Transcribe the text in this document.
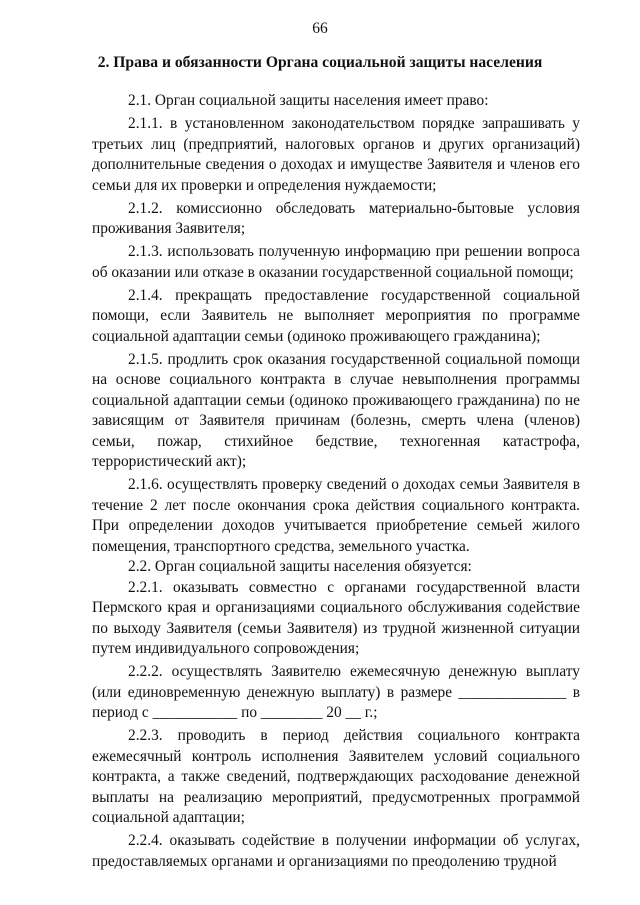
66
2. Права и обязанности Органа социальной защиты населения

2.1. Орган социальной защиты населения имеет право:

2.1.1. в установленном законодательством порядке запрашивать у третьих лиц (предприятий, налоговых органов и других организаций) дополнительные сведения о доходах и имуществе Заявителя и членов его семьи для их проверки и определения нуждаемости;

2.1.2. комиссионно обследовать материально-бытовые условия проживания Заявителя;

2.1.3. использовать полученную информацию при решении вопроса об оказании или отказе в оказании государственной социальной помощи;

2.1.4. прекращать предоставление государственной социальной помощи, если Заявитель не выполняет мероприятия по программе социальной адаптации семьи (одиноко проживающего гражданина);

2.1.5. продлить срок оказания государственной социальной помощи на основе социального контракта в случае невыполнения программы социальной адаптации семьи (одиноко проживающего гражданина) по не зависящим от Заявителя причинам (болезнь, смерть члена (членов) семьи, пожар, стихийное бедствие, техногенная катастрофа, террористический акт);

2.1.6. осуществлять проверку сведений о доходах семьи Заявителя в течение 2 лет после окончания срока действия социального контракта. При определении доходов учитывается приобретение семьей жилого помещения, транспортного средства, земельного участка.

2.2. Орган социальной защиты населения обязуется:

2.2.1. оказывать совместно с органами государственной власти Пермского края и организациями социального обслуживания содействие по выходу Заявителя (семьи Заявителя) из трудной жизненной ситуации путем индивидуального сопровождения;

2.2.2. осуществлять Заявителю ежемесячную денежную выплату (или единовременную денежную выплату) в размере ______________ в период с ___________ по ________ 20 __ г.;

2.2.3. проводить в период действия социального контракта ежемесячный контроль исполнения Заявителем условий социального контракта, а также сведений, подтверждающих расходование денежной выплаты на реализацию мероприятий, предусмотренных программой социальной адаптации;

2.2.4. оказывать содействие в получении информации об услугах, предоставляемых органами и организациями по преодолению трудной
